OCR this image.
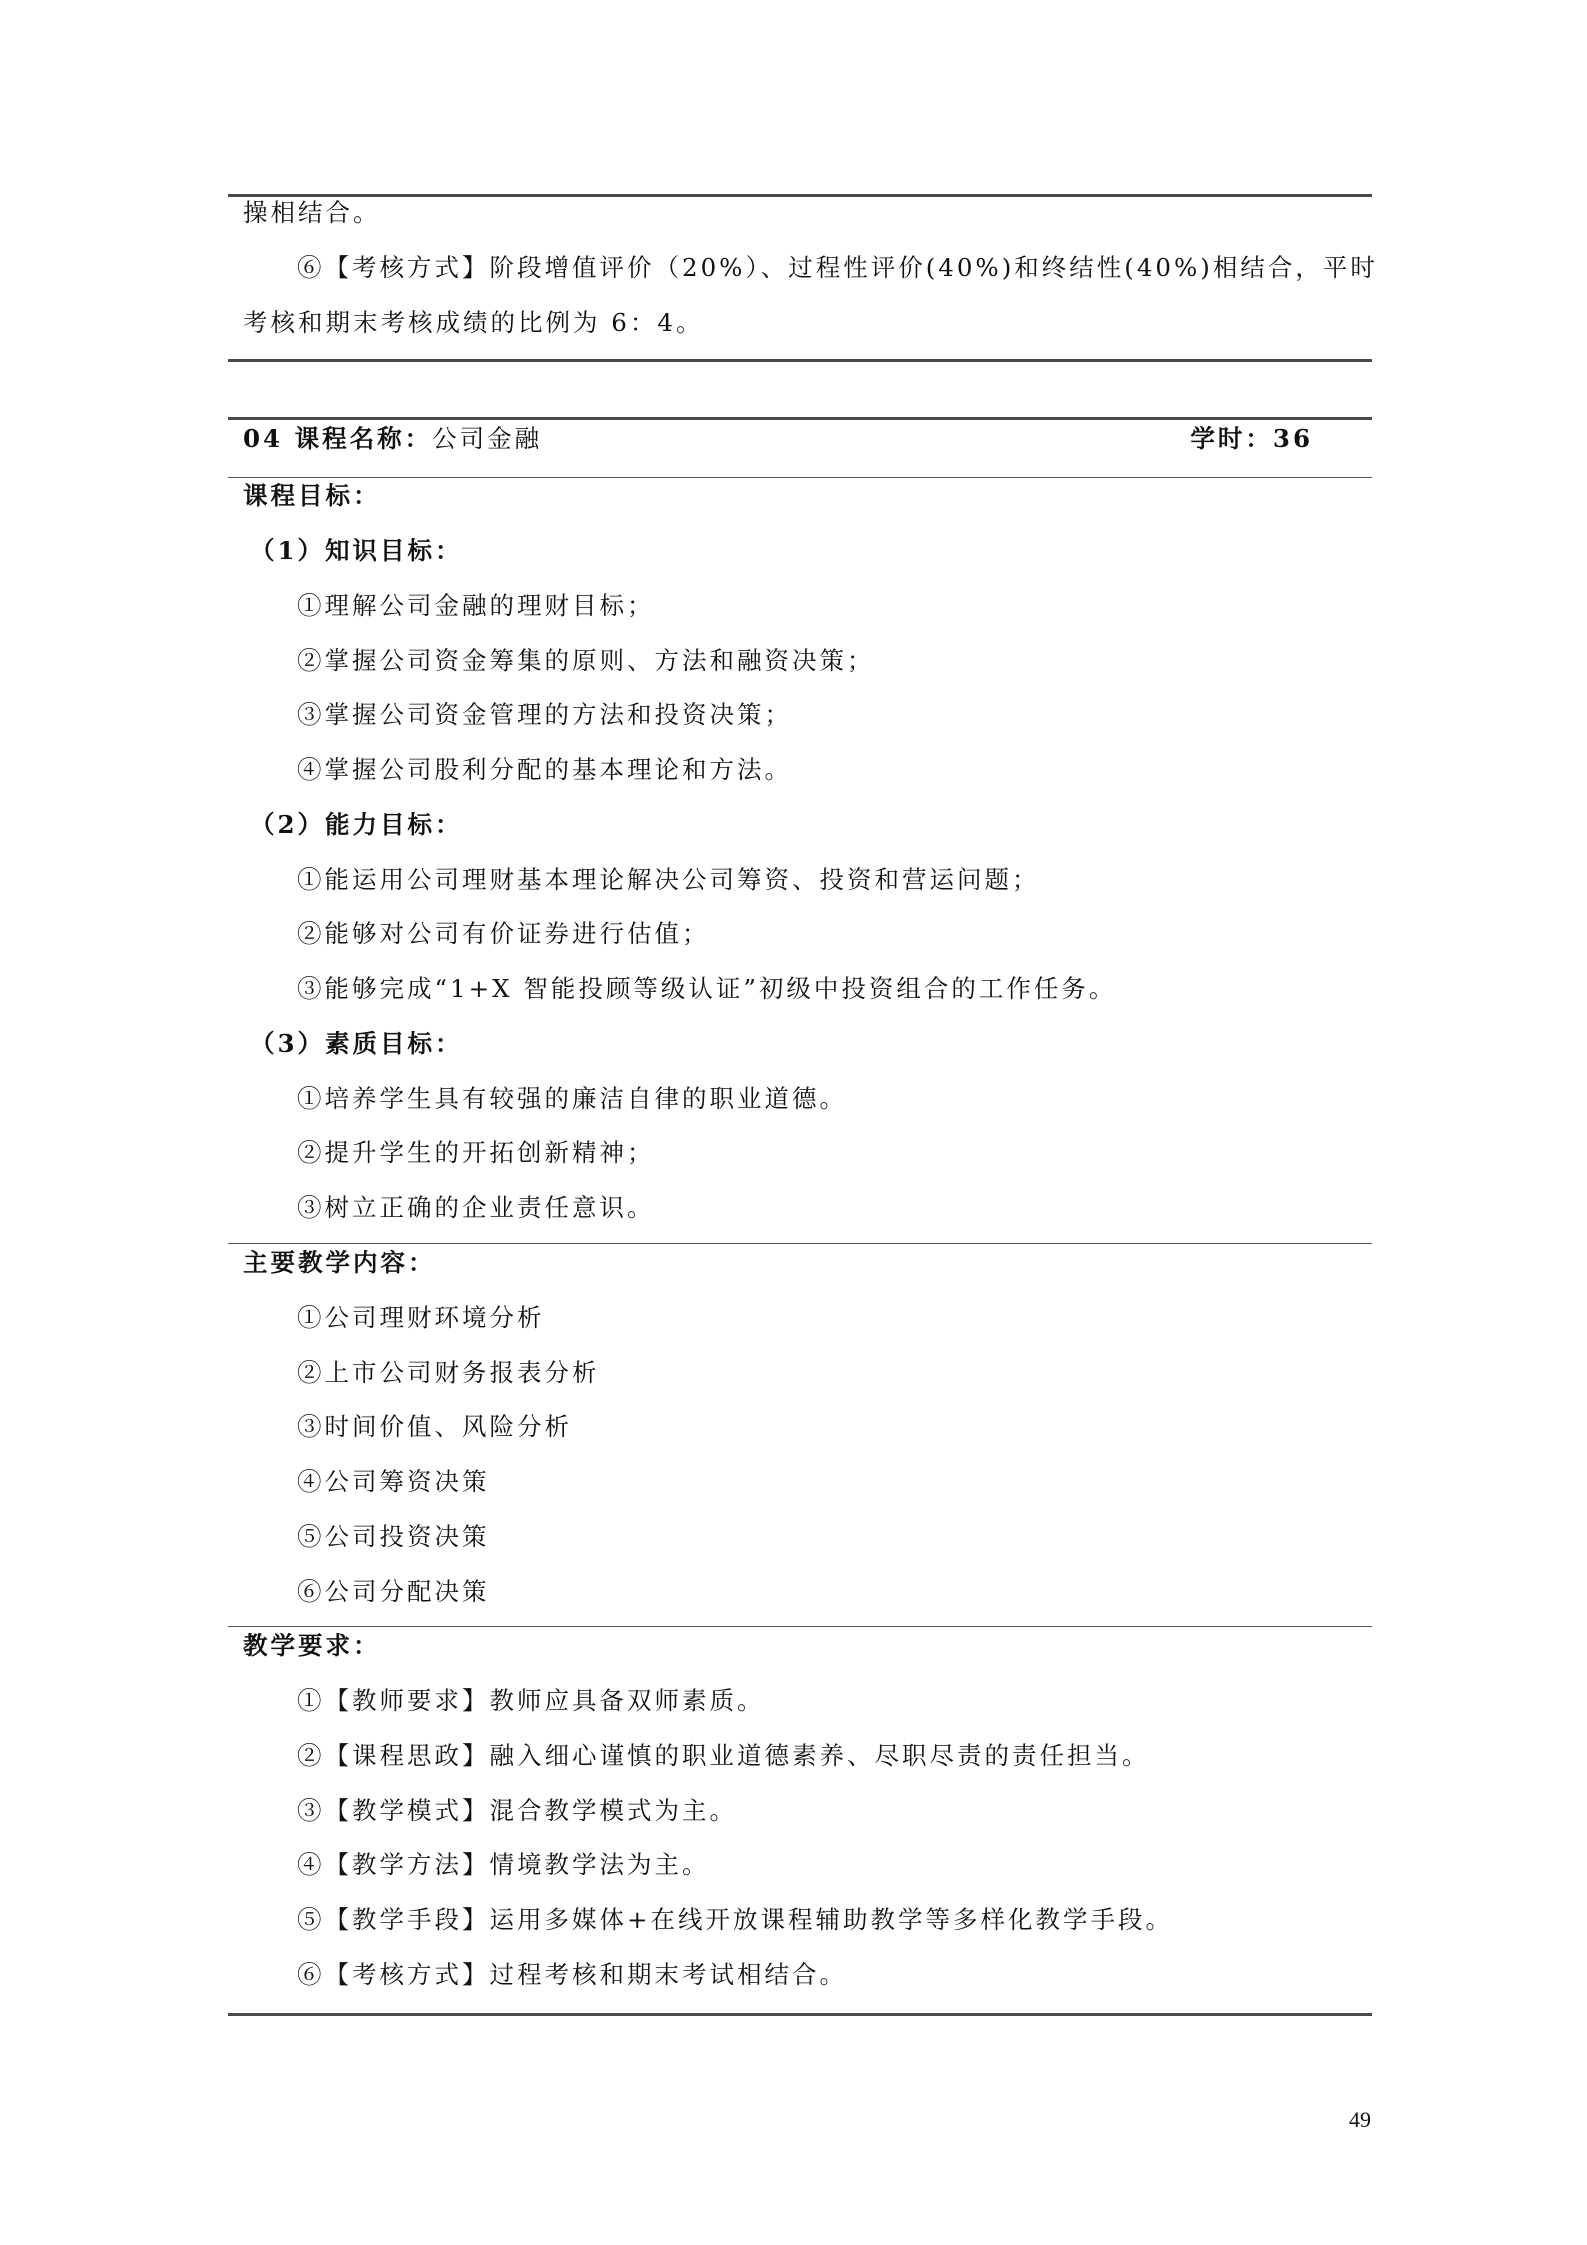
操相结合。
⑥【考核方式】阶段增值评价（20%）、过程性评价(40%)和终结性(40%)相结合，平时
考核和期末考核成绩的比例为 6：4。
04 课程名称：公司金融	学时：36
课程目标：
（1）知识目标：
①理解公司金融的理财目标；
②掌握公司资金筹集的原则、方法和融资决策；
③掌握公司资金管理的方法和投资决策；
④掌握公司股利分配的基本理论和方法。
（2）能力目标：
①能运用公司理财基本理论解决公司筹资、投资和营运问题；
②能够对公司有价证券进行估值；
③能够完成“1+X 智能投顾等级认证”初级中投资组合的工作任务。
（3）素质目标：
①培养学生具有较强的廉洁自律的职业道德。
②提升学生的开拓创新精神；
③树立正确的企业责任意识。
主要教学内容：
①公司理财环境分析
②上市公司财务报表分析
③时间价值、风险分析
④公司筹资决策
⑤公司投资决策
⑥公司分配决策
教学要求：
①【教师要求】教师应具备双师素质。
②【课程思政】融入细心谨慎的职业道德素养、尽职尽责的责任担当。
③【教学模式】混合教学模式为主。
④【教学方法】情境教学法为主。
⑤【教学手段】运用多媒体+在线开放课程辅助教学等多样化教学手段。
⑥【考核方式】过程考核和期末考试相结合。
49
